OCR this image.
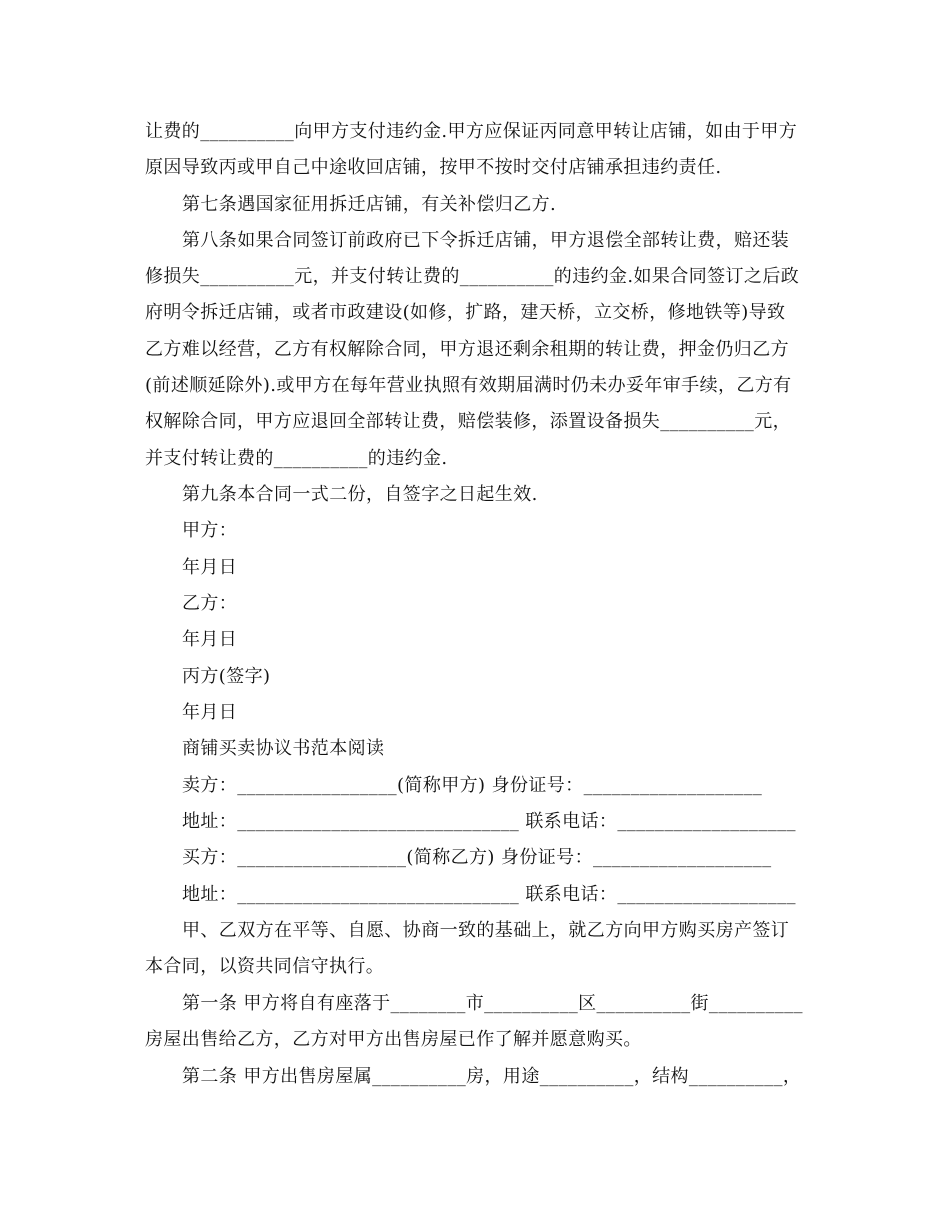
让费的__________向甲方支付违约金.甲方应保证丙同意甲转让店铺，如由于甲方
原因导致丙或甲自己中途收回店铺，按甲不按时交付店铺承担违约责任.
第七条遇国家征用拆迁店铺，有关补偿归乙方.
第八条如果合同签订前政府已下令拆迁店铺，甲方退偿全部转让费，赔还装
修损失__________元，并支付转让费的__________的违约金.如果合同签订之后政
府明令拆迁店铺，或者市政建设(如修，扩路，建天桥，立交桥，修地铁等)导致
乙方难以经营，乙方有权解除合同，甲方退还剩余租期的转让费，押金仍归乙方
(前述顺延除外).或甲方在每年营业执照有效期届满时仍未办妥年审手续，乙方有
权解除合同，甲方应退回全部转让费，赔偿装修，添置设备损失__________元，
并支付转让费的__________的违约金.
第九条本合同一式二份，自签字之日起生效.
甲方：
年月日
乙方：
年月日
丙方(签字)
年月日
商铺买卖协议书范本阅读
卖方：_________________(简称甲方) 身份证号：___________________
地址：______________________________ 联系电话：___________________
买方：__________________(简称乙方) 身份证号：___________________
地址：______________________________ 联系电话：___________________
甲、乙双方在平等、自愿、协商一致的基础上，就乙方向甲方购买房产签订
本合同，以资共同信守执行。
第一条 甲方将自有座落于________市__________区__________街__________
房屋出售给乙方，乙方对甲方出售房屋已作了解并愿意购买。
第二条 甲方出售房屋属__________房，用途__________，结构__________，
